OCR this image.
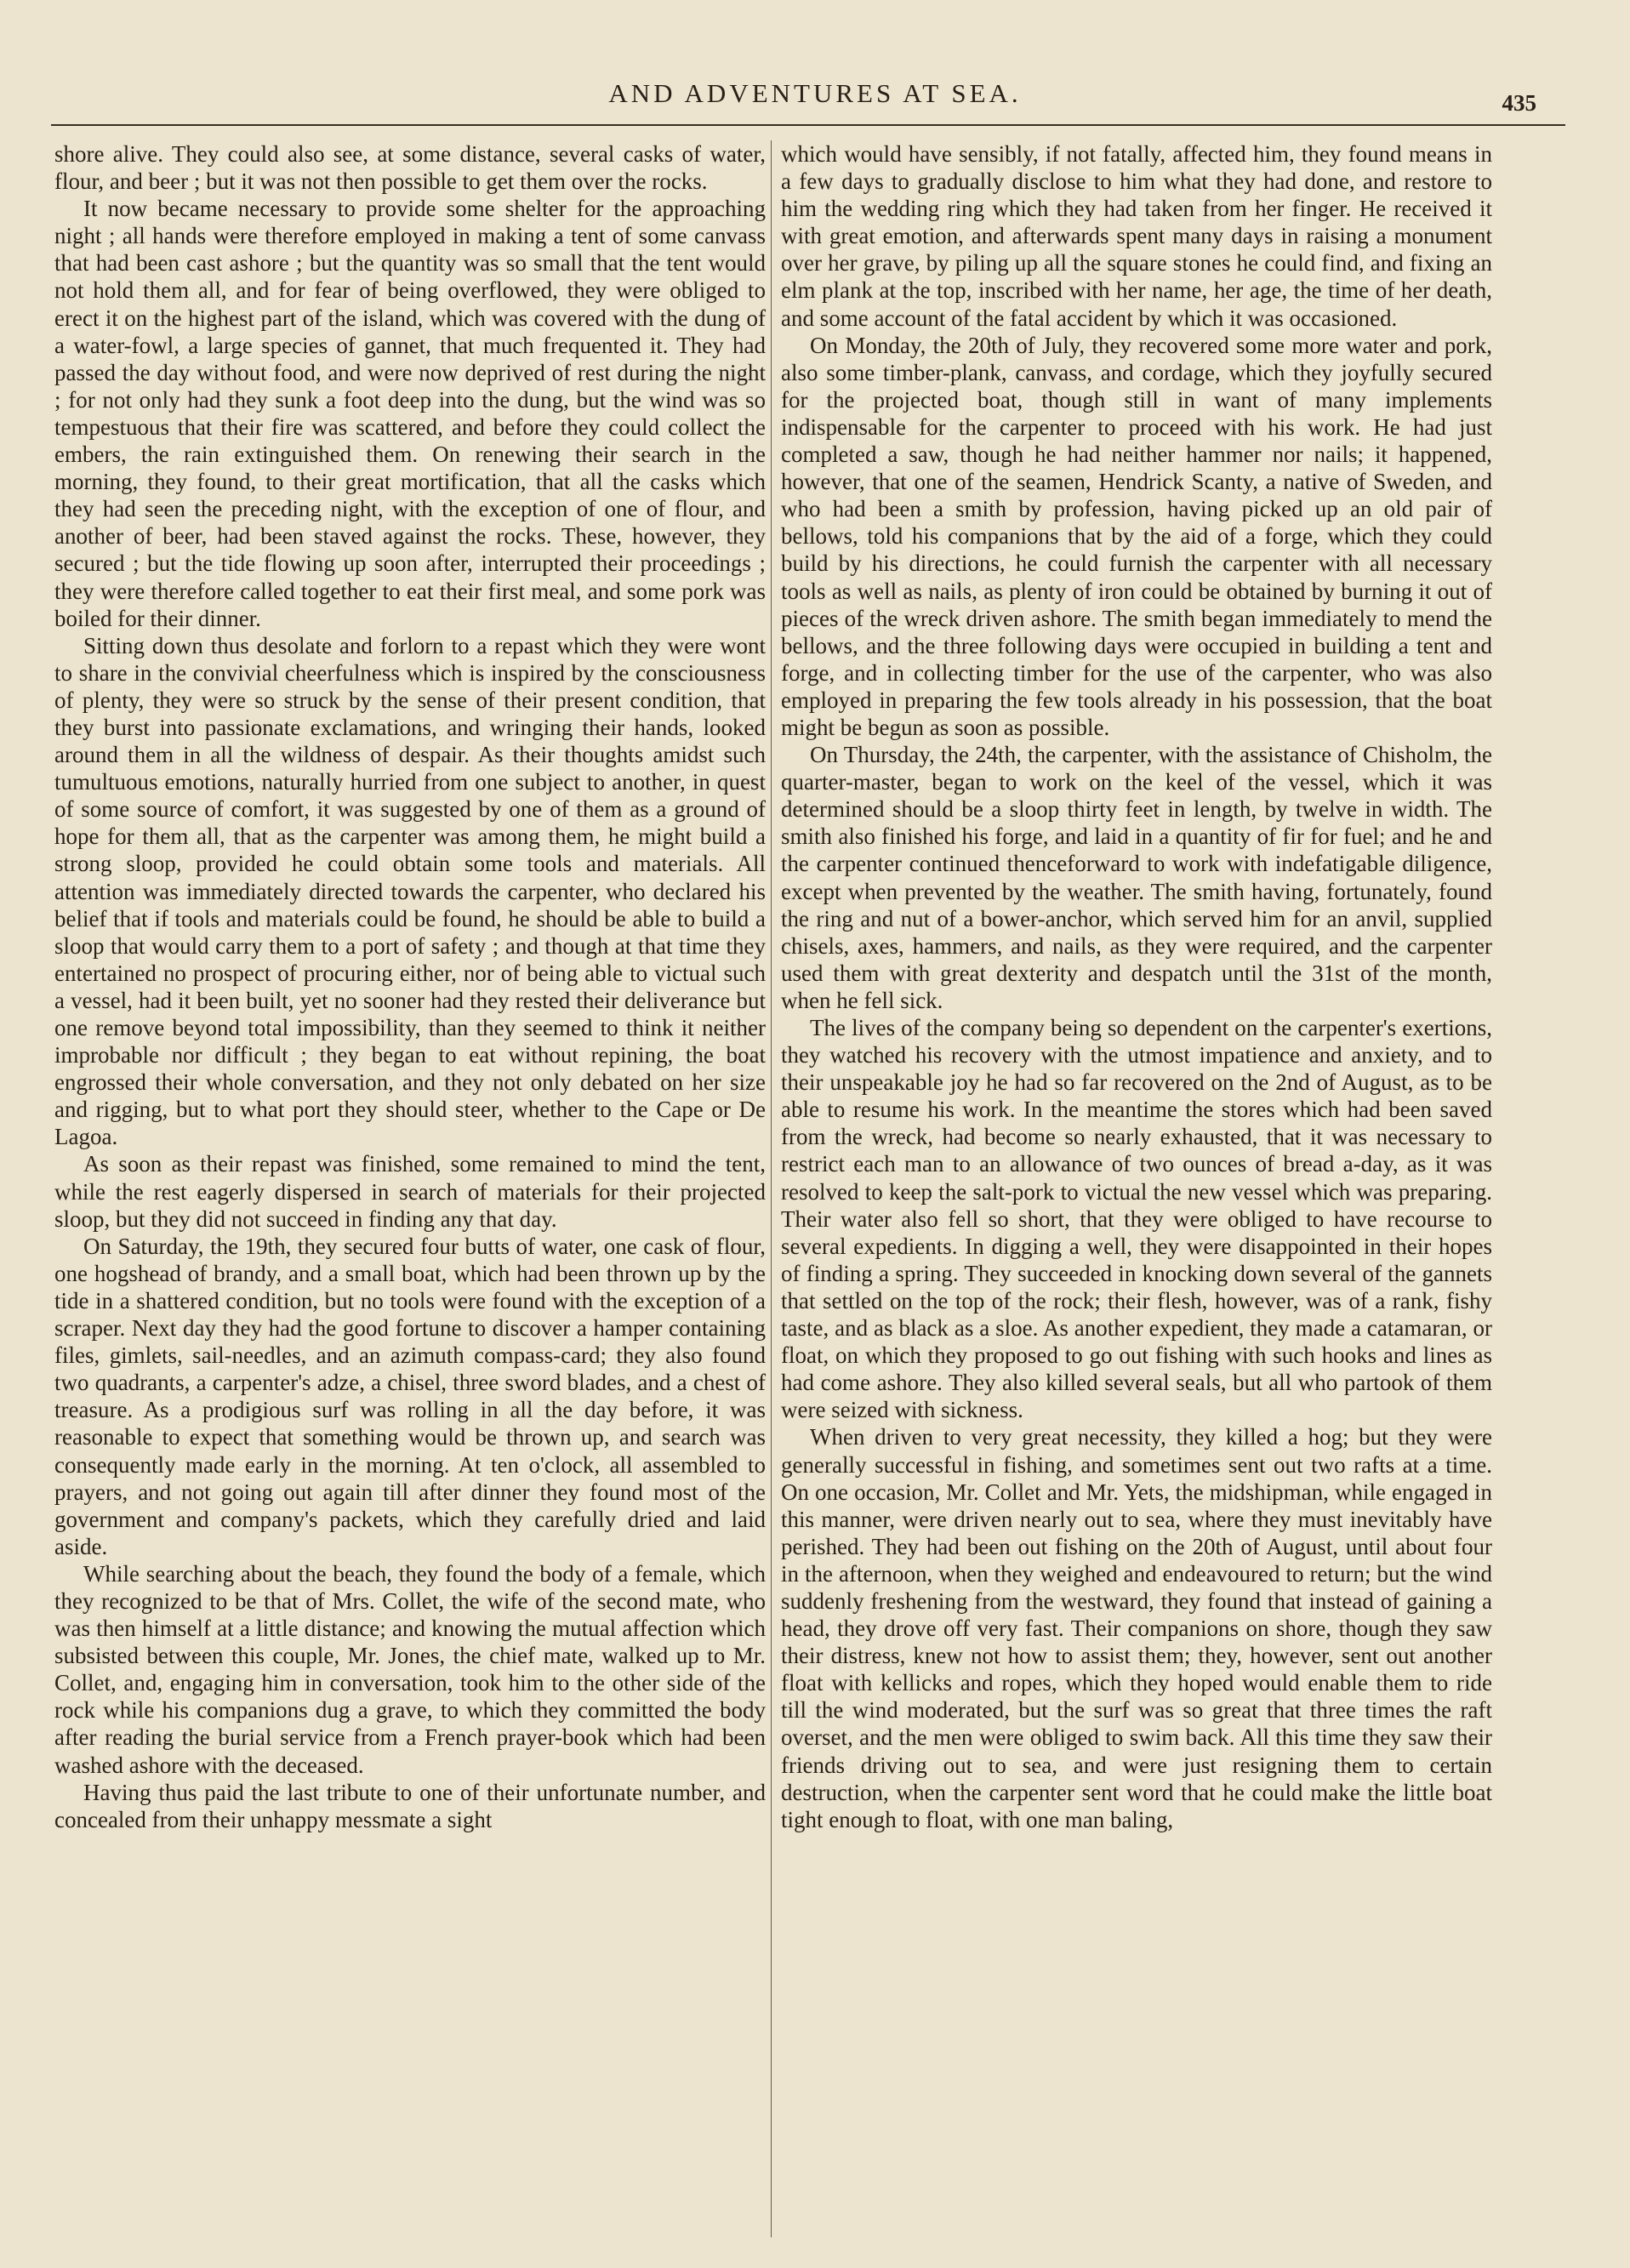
AND ADVENTURES AT SEA.	435

shore alive. They could also see, at some distance, several casks of water, flour, and beer ; but it was not then possible to get them over the rocks.

It now became necessary to provide some shelter for the approaching night ; all hands were therefore employed in making a tent of some canvass that had been cast ashore ; but the quantity was so small that the tent would not hold them all, and for fear of being overflowed, they were obliged to erect it on the highest part of the island, which was covered with the dung of a water-fowl, a large species of gannet, that much frequented it. They had passed the day without food, and were now deprived of rest during the night ; for not only had they sunk a foot deep into the dung, but the wind was so tempestuous that their fire was scattered, and before they could collect the embers, the rain extinguished them. On renewing their search in the morning, they found, to their great mortification, that all the casks which they had seen the preceding night, with the exception of one of flour, and another of beer, had been staved against the rocks. These, however, they secured ; but the tide flowing up soon after, interrupted their proceedings ; they were therefore called together to eat their first meal, and some pork was boiled for their dinner.

Sitting down thus desolate and forlorn to a repast which they were wont to share in the convivial cheerfulness which is inspired by the consciousness of plenty, they were so struck by the sense of their present condition, that they burst into passionate exclamations, and wringing their hands, looked around them in all the wildness of despair. As their thoughts amidst such tumultuous emotions, naturally hurried from one subject to another, in quest of some source of comfort, it was suggested by one of them as a ground of hope for them all, that as the carpenter was among them, he might build a strong sloop, provided he could obtain some tools and materials. All attention was immediately directed towards the carpenter, who declared his belief that if tools and materials could be found, he should be able to build a sloop that would carry them to a port of safety ; and though at that time they entertained no prospect of procuring either, nor of being able to victual such a vessel, had it been built, yet no sooner had they rested their deliverance but one remove beyond total impossibility, than they seemed to think it neither improbable nor difficult ; they began to eat without repining, the boat engrossed their whole conversation, and they not only debated on her size and rigging, but to what port they should steer, whether to the Cape or De Lagoa.

As soon as their repast was finished, some remained to mind the tent, while the rest eagerly dispersed in search of materials for their projected sloop, but they did not succeed in finding any that day.

On Saturday, the 19th, they secured four butts of water, one cask of flour, one hogshead of brandy, and a small boat, which had been thrown up by the tide in a shattered condition, but no tools were found with the exception of a scraper. Next day they had the good fortune to discover a hamper containing files, gimlets, sail-needles, and an azimuth compass-card; they also found two quadrants, a carpenter's adze, a chisel, three sword blades, and a chest of treasure. As a prodigious surf was rolling in all the day before, it was reasonable to expect that something would be thrown up, and search was consequently made early in the morning. At ten o'clock, all assembled to prayers, and not going out again till after dinner they found most of the government and company's packets, which they carefully dried and laid aside.

While searching about the beach, they found the body of a female, which they recognized to be that of Mrs. Collet, the wife of the second mate, who was then himself at a little distance; and knowing the mutual affection which subsisted between this couple, Mr. Jones, the chief mate, walked up to Mr. Collet, and, engaging him in conversation, took him to the other side of the rock while his companions dug a grave, to which they committed the body after reading the burial service from a French prayer-book which had been washed ashore with the deceased.

Having thus paid the last tribute to one of their unfortunate number, and concealed from their unhappy messmate a sight

which would have sensibly, if not fatally, affected him, they found means in a few days to gradually disclose to him what they had done, and restore to him the wedding ring which they had taken from her finger. He received it with great emotion, and afterwards spent many days in raising a monument over her grave, by piling up all the square stones he could find, and fixing an elm plank at the top, inscribed with her name, her age, the time of her death, and some account of the fatal accident by which it was occasioned.

On Monday, the 20th of July, they recovered some more water and pork, also some timber-plank, canvass, and cordage, which they joyfully secured for the projected boat, though still in want of many implements indispensable for the carpenter to proceed with his work. He had just completed a saw, though he had neither hammer nor nails; it happened, however, that one of the seamen, Hendrick Scanty, a native of Sweden, and who had been a smith by profession, having picked up an old pair of bellows, told his companions that by the aid of a forge, which they could build by his directions, he could furnish the carpenter with all necessary tools as well as nails, as plenty of iron could be obtained by burning it out of pieces of the wreck driven ashore. The smith began immediately to mend the bellows, and the three following days were occupied in building a tent and forge, and in collecting timber for the use of the carpenter, who was also employed in preparing the few tools already in his possession, that the boat might be begun as soon as possible.

On Thursday, the 24th, the carpenter, with the assistance of Chisholm, the quarter-master, began to work on the keel of the vessel, which it was determined should be a sloop thirty feet in length, by twelve in width. The smith also finished his forge, and laid in a quantity of fir for fuel; and he and the carpenter continued thenceforward to work with indefatigable diligence, except when prevented by the weather. The smith having, fortunately, found the ring and nut of a bower-anchor, which served him for an anvil, supplied chisels, axes, hammers, and nails, as they were required, and the carpenter used them with great dexterity and despatch until the 31st of the month, when he fell sick.

The lives of the company being so dependent on the carpenter's exertions, they watched his recovery with the utmost impatience and anxiety, and to their unspeakable joy he had so far recovered on the 2nd of August, as to be able to resume his work. In the meantime the stores which had been saved from the wreck, had become so nearly exhausted, that it was necessary to restrict each man to an allowance of two ounces of bread a-day, as it was resolved to keep the salt-pork to victual the new vessel which was preparing. Their water also fell so short, that they were obliged to have recourse to several expedients. In digging a well, they were disappointed in their hopes of finding a spring. They succeeded in knocking down several of the gannets that settled on the top of the rock; their flesh, however, was of a rank, fishy taste, and as black as a sloe. As another expedient, they made a catamaran, or float, on which they proposed to go out fishing with such hooks and lines as had come ashore. They also killed several seals, but all who partook of them were seized with sickness.

When driven to very great necessity, they killed a hog; but they were generally successful in fishing, and sometimes sent out two rafts at a time. On one occasion, Mr. Collet and Mr. Yets, the midshipman, while engaged in this manner, were driven nearly out to sea, where they must inevitably have perished. They had been out fishing on the 20th of August, until about four in the afternoon, when they weighed and endeavoured to return; but the wind suddenly freshening from the westward, they found that instead of gaining a head, they drove off very fast. Their companions on shore, though they saw their distress, knew not how to assist them; they, however, sent out another float with kellicks and ropes, which they hoped would enable them to ride till the wind moderated, but the surf was so great that three times the raft overset, and the men were obliged to swim back. All this time they saw their friends driving out to sea, and were just resigning them to certain destruction, when the carpenter sent word that he could make the little boat tight enough to float, with one man baling,
